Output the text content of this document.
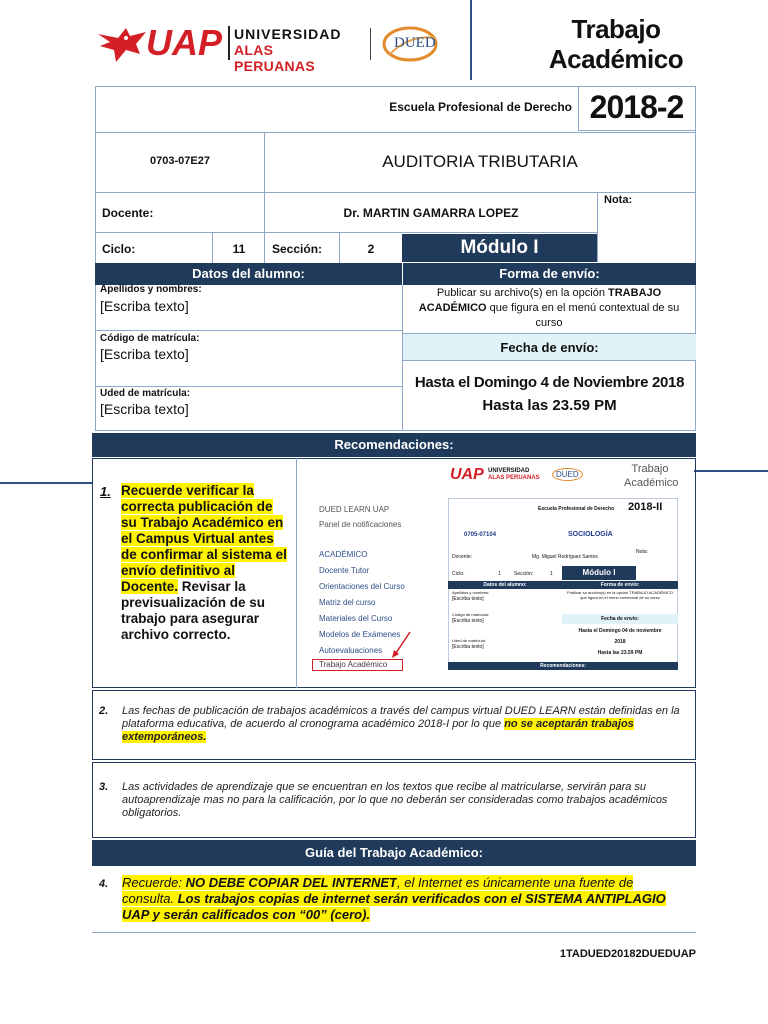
UAP UNIVERSIDAD
ALAS PERUANAS
DUED	Trabajo
Académico
Escuela Profesional de Derecho 2018-2
0703-07E27	AUDITORIA TRIBUTARIA
Docente:	Dr. MARTIN GAMARRA LOPEZ
Nota:
Ciclo:	11	Sección:	2	Módulo I
Datos del alumno:	Forma de envío:
Apellidos y nombres:
[Escriba texto]
Código de matrícula:
[Escriba texto]
Uded de matrícula:
[Escriba texto]
Publicar su archivo(s) en la opción TRABAJO ACADÉMICO que figura en el menú contextual de su curso
Fecha de envío:
Hasta el Domingo 4 de Noviembre 2018
Hasta las 23.59 PM
Recomendaciones:
1. Recuerde verificar la correcta publicación de su Trabajo Académico en el Campus Virtual antes de confirmar al sistema el envío definitivo al Docente. Revisar la previsualización de su trabajo para asegurar archivo correcto.
DUED LEARN UAP
Panel de notificaciones
ACADÉMICO
Docente Tutor
Orientaciones del Curso
Matriz del curso
Materiales del Curso
Modelos de Exámenes
Autoevaluaciones
Trabajo Académico
UAP UNIVERSIDAD
ALAS PERUANAS	DUED	Trabajo
Académico
Escuela Profesional de Derecho 2018-II
0705-07104	SOCIOLOGÍA
Docente:	Mg. Miguel Rodríguez Santos
Nota:
Ciclo:	1	Sección:	1	Módulo I
Datos del alumno:	Forma de envío:
Apellidos y nombres:
[Escriba texto]
Código de matrícula:
[Escriba texto]
Uded de matrícula:
[Escriba texto]
Publicar su archivo(s) en la opción TRABAJO ACADÉMICO que figura en el menú contextual de su curso
Fecha de envío:
Hasta el Domingo 04 de noviembre
2018
Hasta las 23.59 PM
Recomendaciones:
2. Las fechas de publicación de trabajos académicos a través del campus virtual DUED LEARN están definidas en la plataforma educativa, de acuerdo al cronograma académico 2018-I por lo que no se aceptarán trabajos extemporáneos.
3. Las actividades de aprendizaje que se encuentran en los textos que recibe al matricularse, servirán para su autoaprendizaje mas no para la calificación, por lo que no deberán ser consideradas como trabajos académicos obligatorios.
Guía del Trabajo Académico:
4. Recuerde: NO DEBE COPIAR DEL INTERNET, el Internet es únicamente una fuente de consulta. Los trabajos copias de internet serán verificados con el SISTEMA ANTIPLAGIO UAP y serán calificados con “00” (cero).
1TADUED20182DUEDUAP
